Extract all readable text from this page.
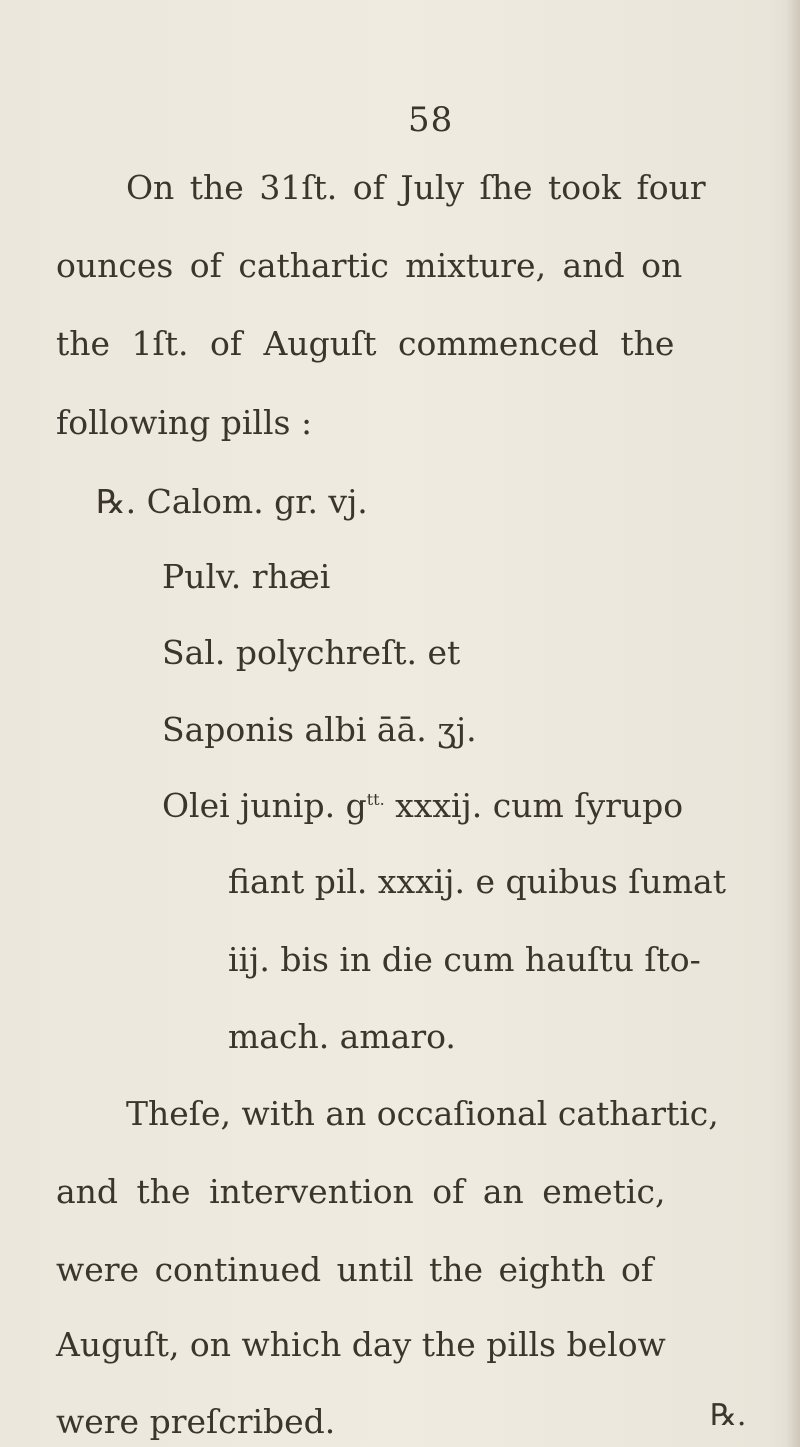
58
On the 31ſt. of July ſhe took four
ounces of cathartic mixture, and on
the 1ſt. of Auguſt commenced the
following pills :
℞. Calom. gr. vj.
Pulv. rhæi
Sal. polychreſt. et
Saponis albi āā. ʒj.
Olei junip. $g^{tt.}$ xxxij. cum ſyrupo
fiant pil. xxxij. e quibus ſumat
iij. bis in die cum hauſtu ſto-
mach. amaro.
Theſe, with an occaſional cathartic,
and the intervention of an emetic,
were continued until the eighth of
Auguſt, on which day the pills below
were preſcribed.	℞.
